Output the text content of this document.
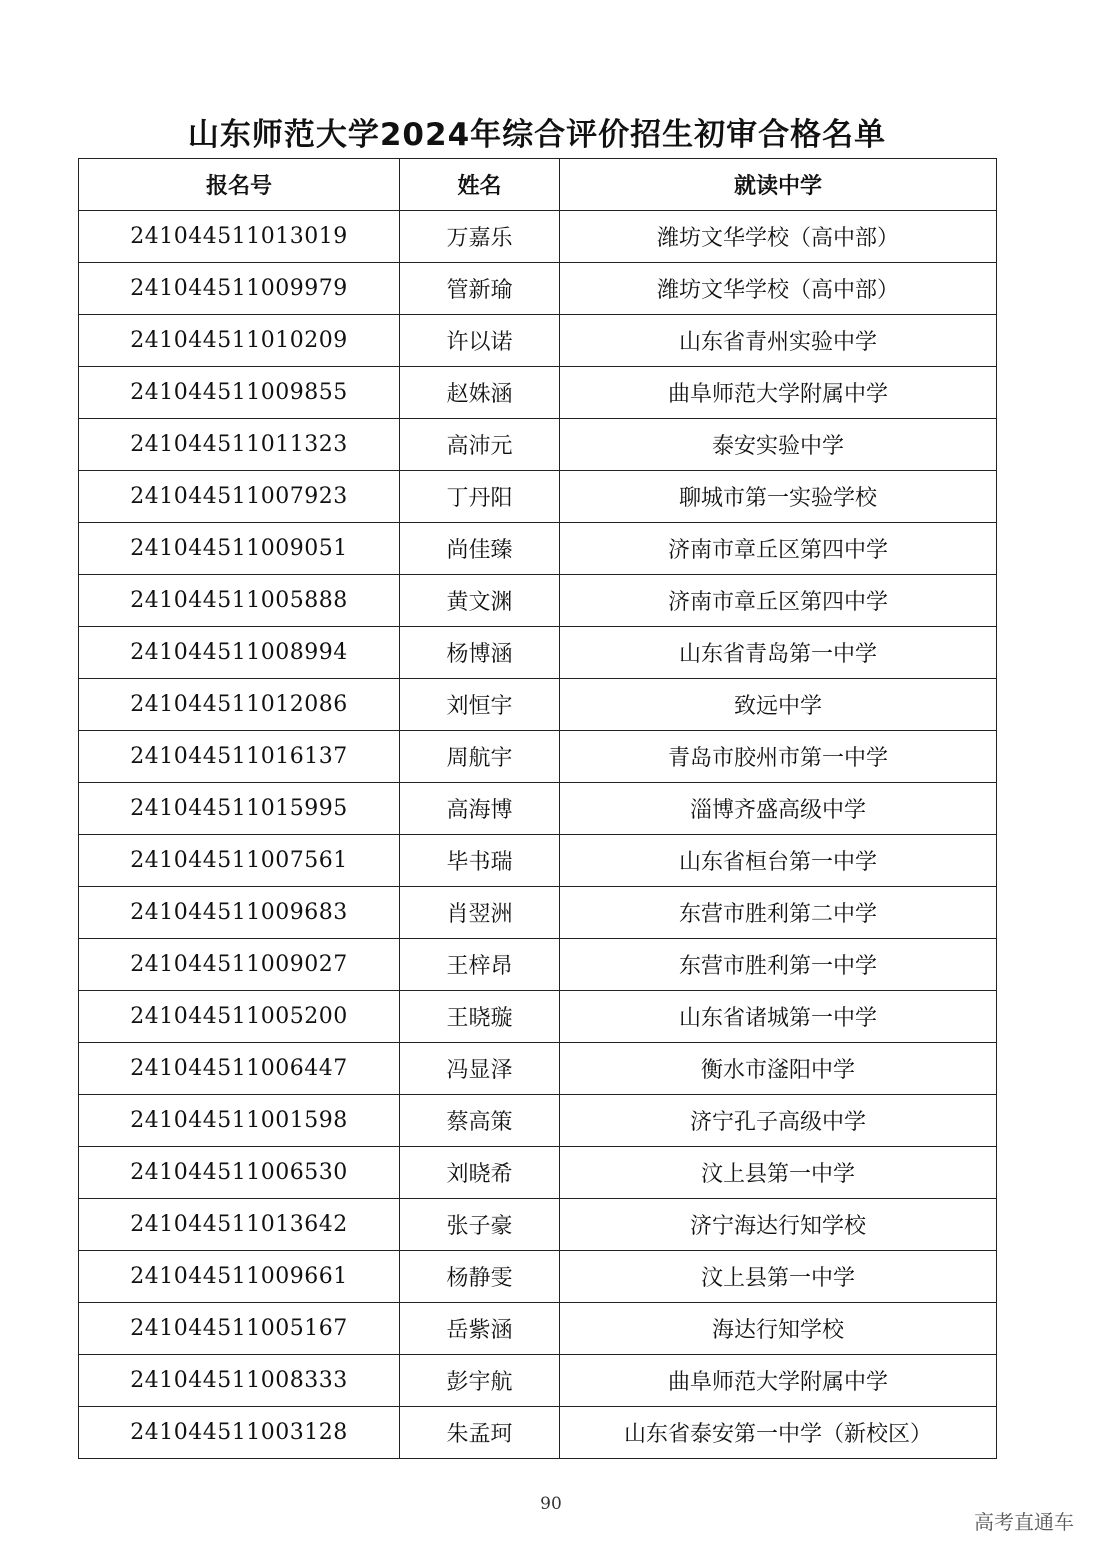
山东师范大学2024年综合评价招生初审合格名单
报名号	姓名	就读中学
241044511013019	万嘉乐	潍坊文华学校（高中部）
241044511009979	管新瑜	潍坊文华学校（高中部）
241044511010209	许以诺	山东省青州实验中学
241044511009855	赵姝涵	曲阜师范大学附属中学
241044511011323	高沛元	泰安实验中学
241044511007923	丁丹阳	聊城市第一实验学校
241044511009051	尚佳臻	济南市章丘区第四中学
241044511005888	黄文渊	济南市章丘区第四中学
241044511008994	杨博涵	山东省青岛第一中学
241044511012086	刘恒宇	致远中学
241044511016137	周航宇	青岛市胶州市第一中学
241044511015995	高海博	淄博齐盛高级中学
241044511007561	毕书瑞	山东省桓台第一中学
241044511009683	肖翌洲	东营市胜利第二中学
241044511009027	王梓昂	东营市胜利第一中学
241044511005200	王晓璇	山东省诸城第一中学
241044511006447	冯显泽	衡水市滏阳中学
241044511001598	蔡高策	济宁孔子高级中学
241044511006530	刘晓希	汶上县第一中学
241044511013642	张子豪	济宁海达行知学校
241044511009661	杨静雯	汶上县第一中学
241044511005167	岳紫涵	海达行知学校
241044511008333	彭宇航	曲阜师范大学附属中学
241044511003128	朱孟珂	山东省泰安第一中学（新校区）
90
高考直通车
